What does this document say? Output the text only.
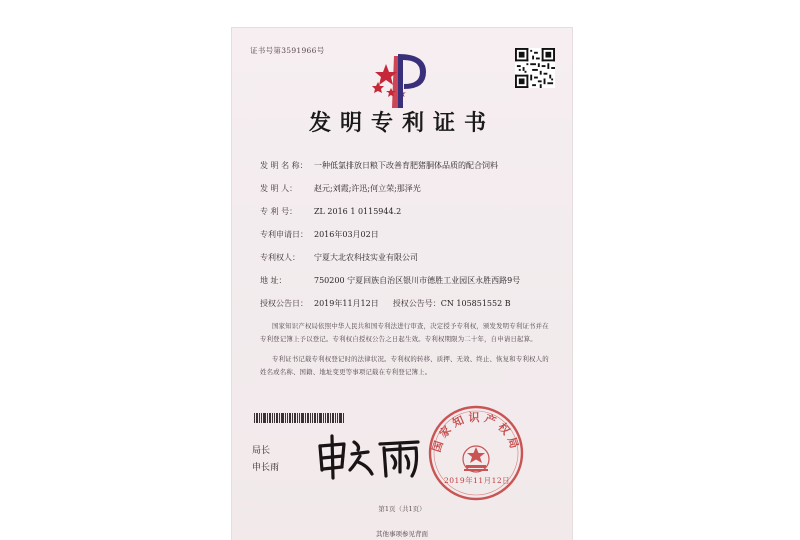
证书号第3591966号
发明专利证书
发 明 名 称： 一种低氯排放日粮下改善育肥猪胴体品质的配合饲料
发 明 人： 赵元;刘霞;许迅;何立荣;那泽光
专 利 号： ZL 2016 1 0115944.2
专利申请日： 2016年03月02日
专利权人： 宁夏大北农科技实业有限公司
地 址：	750200 宁夏回族自治区银川市德胜工业园区永胜西路9号
授权公告日： 2019年11月12日 授权公告号：CN 105851552 B
国家知识产权局依照中华人民共和国专利法进行审查，决定授予专利权，颁发发明专利证书并在专利登记簿上予以登记。专利权自授权公告之日起生效。专利权期限为二十年，自申请日起算。
专利证书记载专利权登记时的法律状况。专利权的转移、质押、无效、终止、恢复和专利权人的姓名或名称、国籍、地址变更等事项记载在专利登记簿上。
局长
申长雨
国家知识产权局
2019年11月12日
第1页（共1页）
其他事项参见背面
